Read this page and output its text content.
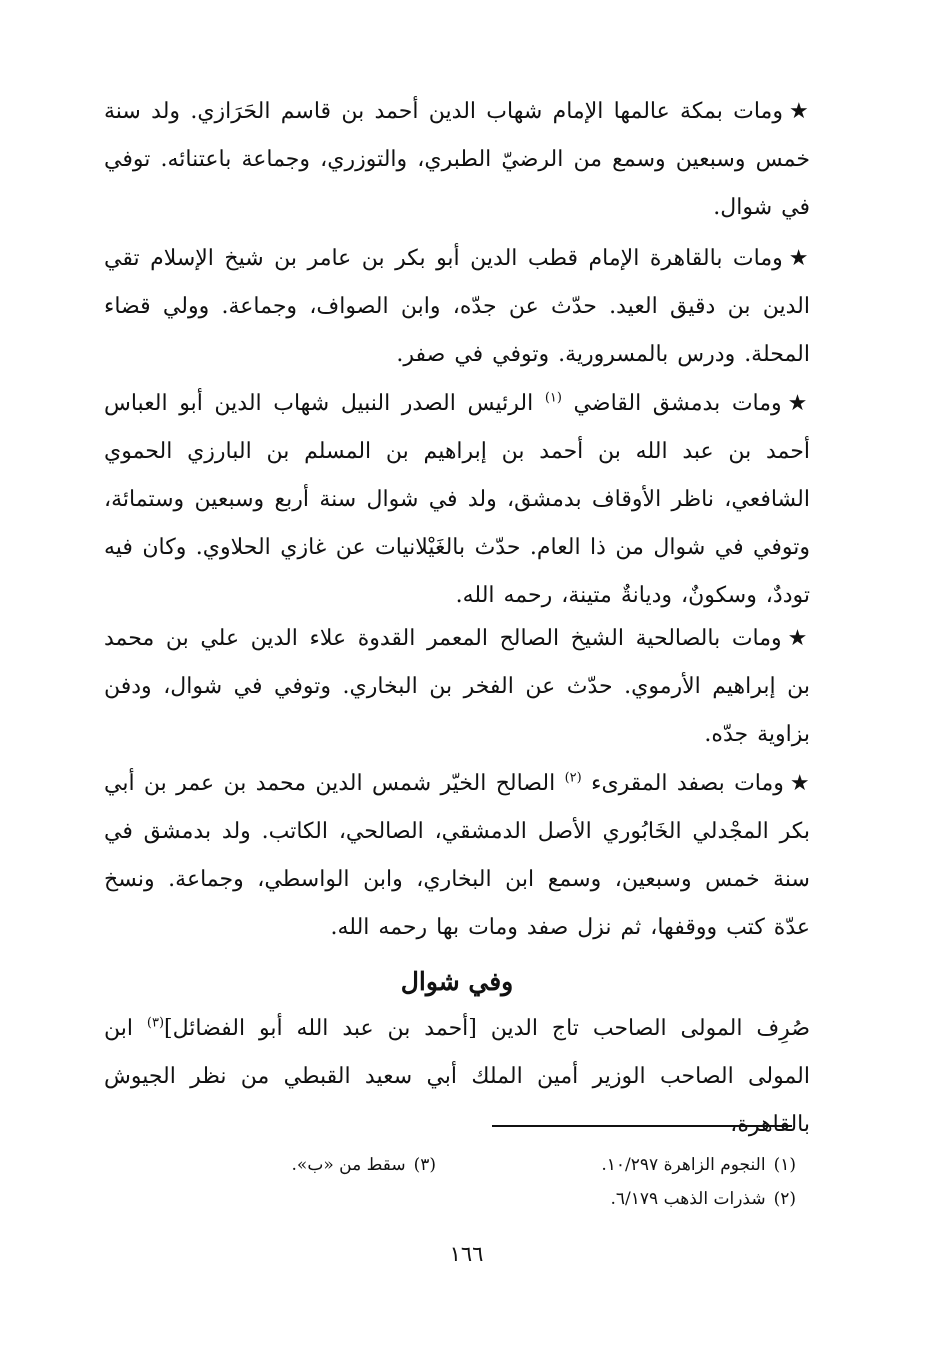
★ومات بمكة عالمها الإمام شهاب الدين أحمد بن قاسم الحَرَازي. ولد سنة خمس وسبعين وسمع من الرضيّ الطبري، والتوزري، وجماعة باعتنائه. توفي في شوال.

★ومات بالقاهرة الإمام قطب الدين أبو بكر بن عامر بن شيخ الإسلام تقي الدين بن دقيق العيد. حدّث عن جدّه، وابن الصواف، وجماعة. وولي قضاء المحلة. ودرس بالمسرورية. وتوفي في صفر.

★ومات بدمشق القاضي $^{(١)}$ الرئيس الصدر النبيل شهاب الدين أبو العباس أحمد بن عبد الله بن أحمد بن إبراهيم بن المسلم بن البارزي الحموي الشافعي، ناظر الأوقاف بدمشق، ولد في شوال سنة أربع وسبعين وستمائة، وتوفي في شوال من ذا العام. حدّث بالغَيْلانيات عن غازي الحلاوي. وكان فيه توددٌ، وسكونٌ، وديانةٌ متينة، رحمه الله.

★ومات بالصالحية الشيخ الصالح المعمر القدوة علاء الدين علي بن محمد بن إبراهيم الأرموي. حدّث عن الفخر بن البخاري. وتوفي في شوال، ودفن بزاوية جدّه.

★ومات بصفد المقرىء $^{(٢)}$ الصالح الخيّر شمس الدين محمد بن عمر بن أبي بكر المجْدلي الخَابُوري الأصل الدمشقي، الصالحي، الكاتب. ولد بدمشق في سنة خمس وسبعين، وسمع ابن البخاري، وابن الواسطي، وجماعة. ونسخ عدّة كتب ووقفها، ثم نزل صفد ومات بها رحمه الله.

وفي شوال

صُرِف المولى الصاحب تاج الدين [أحمد بن عبد الله أبو الفضائل]$^{(٣)}$ ابن المولى الصاحب الوزير أمين الملك أبي سعيد القبطي من نظر الجيوش بالقاهرة،

(١)النجوم الزاهرة ١٠/٢٩٧.
(٢)شذرات الذهب ٦/١٧٩.
(٣)سقط من «ب».
١٦٦
